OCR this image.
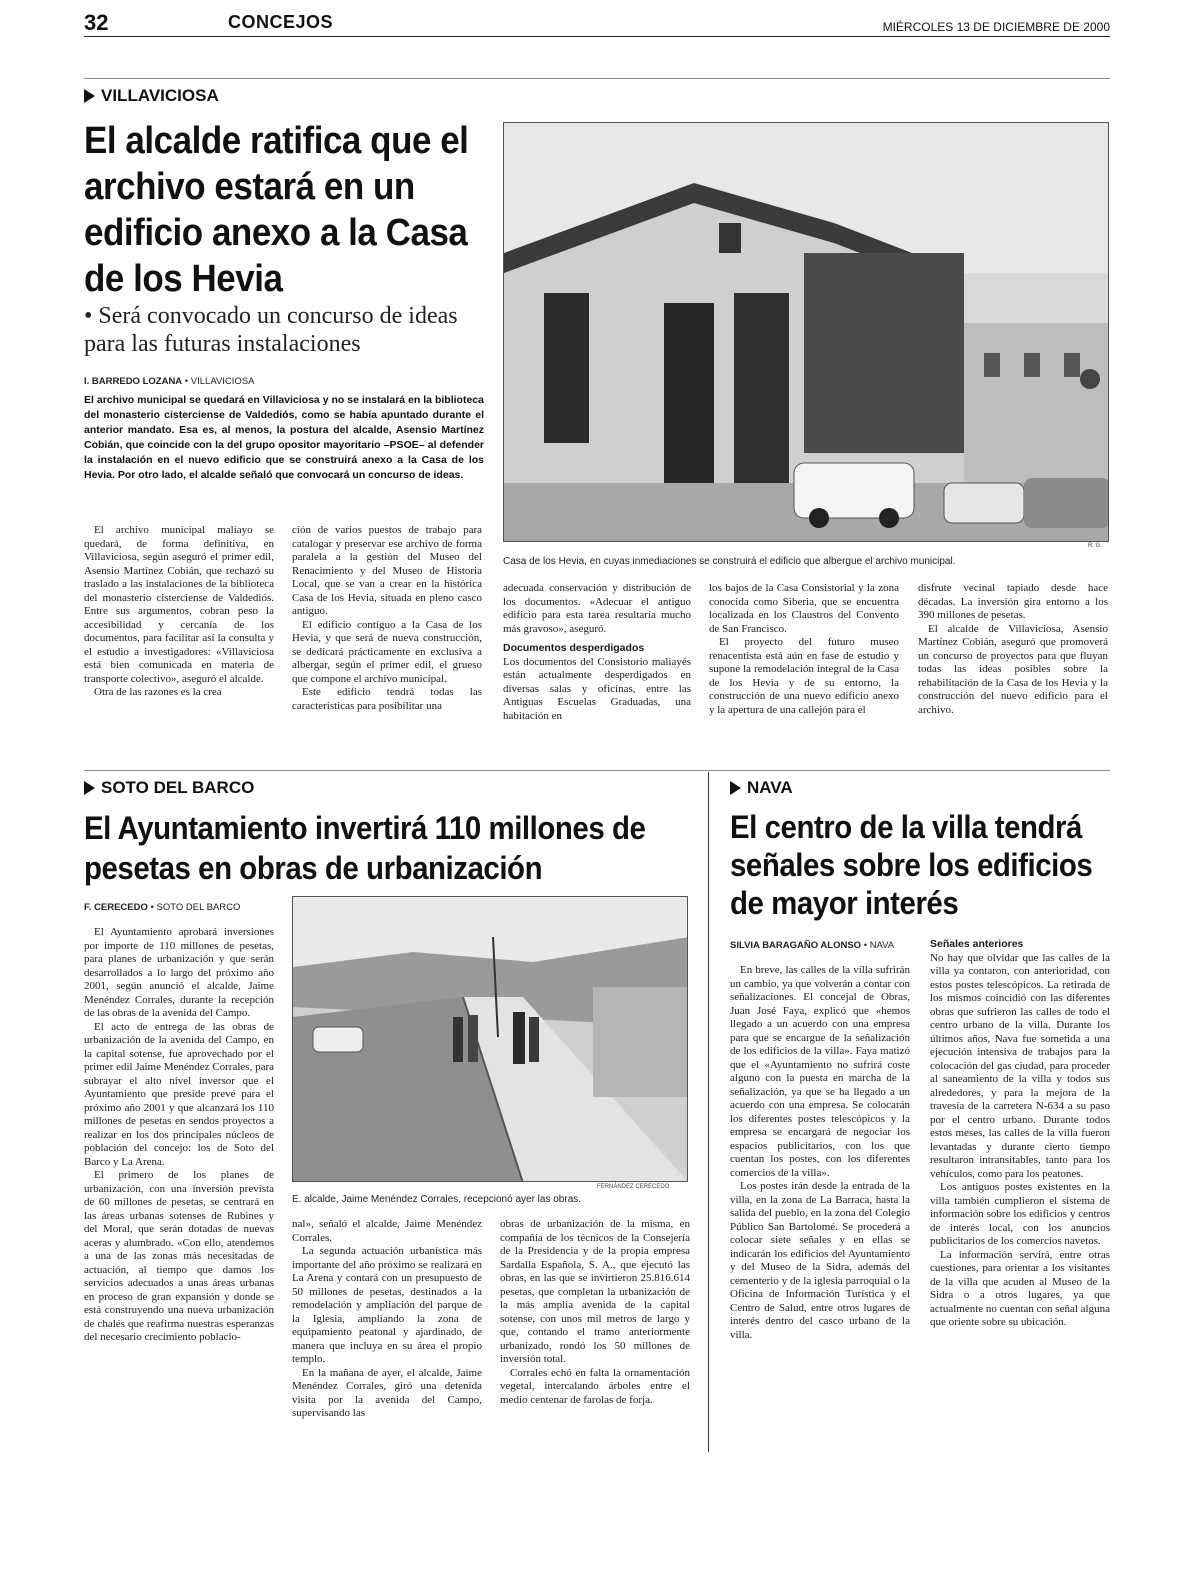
32	CONCEJOS	MIÉRCOLES 13 DE DICIEMBRE DE 2000
VILLAVICIOSA
El alcalde ratifica que el archivo estará en un edificio anexo a la Casa de los Hevia
• Será convocado un concurso de ideas para las futuras instalaciones
I. BARREDO LOZANA • VILLAVICIOSA
El archivo municipal se quedará en Villaviciosa y no se instalará en la biblioteca del monasterio cisterciense de Valdediós, como se había apuntado durante el anterior mandato. Esa es, al menos, la postura del alcalde, Asensio Martínez Cobián, que coincide con la del grupo opositor mayoritario –PSOE– al defender la instalación en el nuevo edificio que se construirá anexo a la Casa de los Hevia. Por otro lado, el alcalde señaló que convocará un concurso de ideas.

El archivo municipal maliayo se quedará, de forma definitiva, en Villaviciosa, según aseguró el primer edil, Asensio Martínez Cobián, que rechazó su traslado a las instalaciones de la biblioteca del monasterio cisterciense de Valdediós. Entre sus argumentos, cobran peso la accesibilidad y cercanía de los documentos, para facilitar así la consulta y el estudio a investigadores: «Villaviciosa está bien comunicada en materia de transporte colectivo», aseguró el alcalde.

Otra de las razones es la crea

ción de varios puestos de trabajo para catalogar y preservar ese archivo de forma paralela a la gestión del Museo del Renacimiento y del Museo de Historia Local, que se van a crear en la histórica Casa de los Hevia, situada en pleno casco antiguo.

El edificio contiguo a la Casa de los Hevia, y que será de nueva construcción, se dedicará prácticamente en exclusiva a albergar, según el primer edil, el grueso que compone el archivo municipal.

Este edificio tendrá todas las características para posibilitar una

Casa de los Hevia, en cuyas inmediaciones se construirá el edificio que albergue el archivo municipal.
R. G.

adecuada conservación y distribución de los documentos. «Adecuar el antiguo edificio para esta tarea resultaría mucho más gravoso», aseguró.

Documentos desperdigados

Los documentos del Consistorio maliayés están actualmente desperdigados en diversas salas y oficinas, entre las Antiguas Escuelas Graduadas, una habitación en

los bajos de la Casa Consistorial y la zona conocida como Siberia, que se encuentra localizada en los Claustros del Convento de San Francisco.

El proyecto del futuro museo renacentista está aún en fase de estudio y supone la remodelación integral de la Casa de los Hevia y de su entorno, la construcción de una nuevo edificio anexo y la apertura de una callejón para el

disfrute vecinal tapiado desde hace décadas. La inversión gira entorno a los 390 millones de pesetas.

El alcalde de Villaviciosa, Asensio Martínez Cobián, aseguró que promoverá un concurso de proyectos para que fluyan todas las ideas posibles sobre la rehabilitación de la Casa de los Hevia y la construcción del nuevo edificio para el archivo.

SOTO DEL BARCO
El Ayuntamiento invertirá 110 millones de pesetas en obras de urbanización
F. CERECEDO • SOTO DEL BARCO

El Ayuntamiento aprobará inversiones por importe de 110 millones de pesetas, para planes de urbanización y que serán desarrollados a lo largo del próximo año 2001, según anunció el alcalde, Jaime Menéndez Corrales, durante la recepción de las obras de la avenida del Campo.

El acto de entrega de las obras de urbanización de la avenida del Campo, en la capital sotense, fue aprovechado por el primer edil Jaime Menéndez Corrales, para subrayar el alto nivel inversor que el Ayuntamiento que preside prevé para el próximo año 2001 y que alcanzará los 110 millones de pesetas en sendos proyectos a realizar en los dos principales núcleos de población del concejo: los de Soto del Barco y La Arena.

El primero de los planes de urbanización, con una inversión prevista de 60 millones de pesetas, se centrará en las áreas urbanas sotenses de Rubines y del Moral, que serán dotadas de nuevas aceras y alumbrado. «Con ello, atendemos a una de las zonas más necesitadas de actuación, al tiempo que damos los servicios adecuados a unas áreas urbanas en proceso de gran expansión y donde se está construyendo una nueva urbanización de chalés que reafirma nuestras esperanzas del necesario crecimiento poblacio-

FERNÁNDEZ CERECEDO
E. alcalde, Jaime Menéndez Corrales, recepcionó ayer las obras.

nal», señaló el alcalde, Jaime Menéndez Corrales.

La segunda actuación urbanística más importante del año próximo se realizará en La Arena y contará con un presupuesto de 50 millones de pesetas, destinados a la remodelación y ampliación del parque de la Iglesia, ampliando la zona de equipamiento peatonal y ajardinado, de manera que incluya en su área el propio templo.

En la mañana de ayer, el alcalde, Jaime Menéndez Corrales, giró una detenida visita por la avenida del Campo, supervisando las

obras de urbanización de la misma, en compañía de los técnicos de la Consejería de la Presidencia y de la propia empresa Sardalla Española, S. A., que ejecutó las obras, en las que se invirtieron 25.816.614 pesetas, que completan la urbanización de la más amplia avenida de la capital sotense, con unos mil metros de largo y que, contando el tramo anteriormente urbanizado, rondó los 50 millones de inversión total.

Corrales echó en falta la ornamentación vegetal, intercalando árboles entre el medio centenar de farolas de forja.

NAVA
El centro de la villa tendrá señales sobre los edificios de mayor interés
SILVIA BARAGAÑO ALONSO • NAVA

En breve, las calles de la villa sufrirán un cambio, ya que volverán a contar con señalizaciones. El concejal de Obras, Juan José Faya, explicó que «hemos llegado a un acuerdo con una empresa para que se encargue de la señalización de los edificios de la villa». Faya matizó que el «Ayuntamiento no sufrirá coste alguno con la puesta en marcha de la señalización, ya que se ha llegado a un acuerdo con una empresa. Se colocarán los diferentes postes telescópicos y la empresa se encargará de negociar los espacios publicitarios, con los que cuentan los postes, con los diferentes comercios de la villa».

Los postes irán desde la entrada de la villa, en la zona de La Barraca, hasta la salida del pueblo, en la zona del Colegio Público San Bartolomé. Se procederá a colocar siete señales y en ellas se indicarán los edificios del Ayuntamiento y del Museo de la Sidra, además del cementerio y de la iglesia parroquial o la Oficina de Información Turística y el Centro de Salud, entre otros lugares de interés dentro del casco urbano de la villa.

Señales anteriores

No hay que olvidar que las calles de la villa ya contaron, con anterioridad, con estos postes telescópicos. La retirada de los mismos coincidió con las diferentes obras que sufrieron las calles de todo el centro urbano de la villa. Durante los últimos años, Nava fue sometida a una ejecución intensiva de trabajos para la colocación del gas ciudad, para proceder al saneamiento de la villa y todos sus alrededores, y para la mejora de la travesía de la carretera N-634 a su paso por el centro urbano. Durante todos estos meses, las calles de la villa fueron levantadas y durante cierto tiempo resultaron intransitables, tanto para los vehículos, como para los peatones.

Los antiguos postes existentes en la villa también cumplieron el sistema de información sobre los edificios y centros de interés local, con los anuncios publicitarios de los comercios navetos.

La información servirá, entre otras cuestiones, para orientar a los visitantes de la villa que acuden al Museo de la Sidra o a otros lugares, ya que actualmente no cuentan con señal alguna que oriente sobre su ubicación.
